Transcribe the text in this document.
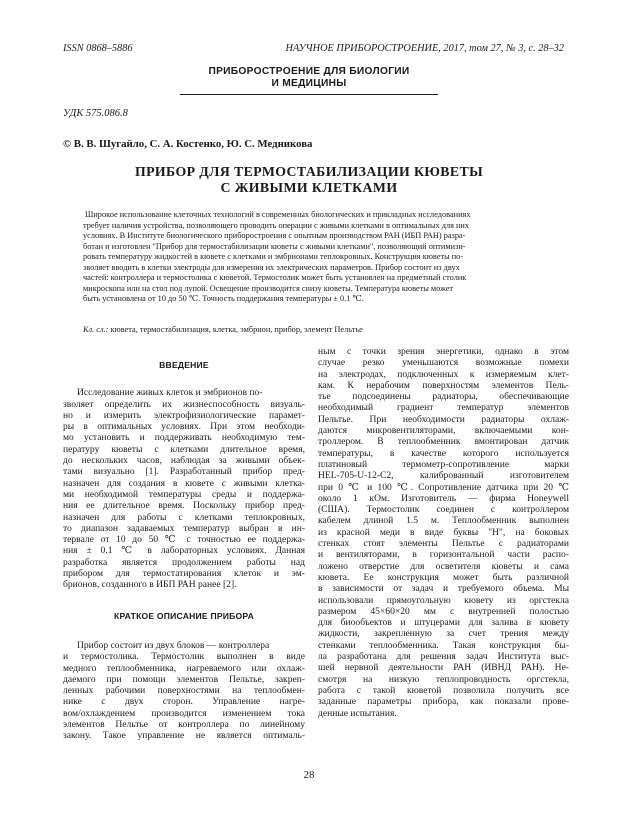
ISSN 0868–5886	НАУЧНОЕ ПРИБОРОСТРОЕНИЕ, 2017, том 27, № 3, c. 28–32
ПРИБОРОСТРОЕНИЕ ДЛЯ БИОЛОГИИ
И МЕДИЦИНЫ
УДК 575.086.8
© В. В. Шугайло, С. А. Костенко, Ю. С. Медникова
ПРИБОР ДЛЯ ТЕРМОСТАБИЛИЗАЦИИ КЮВЕТЫ
С ЖИВЫМИ КЛЕТКАМИ
Широкое использование клеточных технологий в современных биологических и прикладных исследованиях
требует наличия устройства, позволяющего проводить операции с живыми клетками в оптимальных для них
условиях. В Институте биологического приборостроения с опытным производством РАН (ИБП РАН) разра-
ботан и изготовлен "Прибор для термостабилизации кюветы с живыми клетками", позволяющий оптимизи-
ровать температуру жидкостей в кювете с клетками и эмбрионами теплокровных. Конструкция кюветы по-
зволяет вводить в клетки электроды для измерения их электрических параметров. Прибор состоит из двух
частей: контроллера и термостолика с кюветой. Термостолик может быть установлен на предметный столик
микроскопа или на стол под лупой. Освещение производится снизу кюветы. Температура кюветы может
быть установлена от 10 до 50 ℃. Точность поддержания температуры ± 0.1 ℃.
Кл. сл.: кювета, термостабилизация, клетка, эмбрион, прибор, элемент Пельтье
ВВЕДЕНИЕ
Исследование живых клеток и эмбрионов по-
зволяет определить их жизнеспособность визуаль-
но и измерить электрофизиологические парамет-
ры в оптимальных условиях. При этом необходи-
мо установить и поддерживать необходимую тем-
пературу кюветы с клетками длительное время,
до нескольких часов, наблюдая за живыми объек-
тами визуально [1]. Разработанный прибор пред-
назначен для создания в кювете с живыми клетка-
ми необходимой температуры среды и поддержа-
ния ее длительное время. Поскольку прибор пред-
назначен для работы с клетками теплокровных,
то диапазон задаваемых температур выбран в ин-
тервале от 10 до 50 ℃ с точностью ее поддержа-
ния ± 0.1 ℃ в лабораторных условиях. Данная
разработка является продолжением работы над
прибором для термостатирования клеток и эм-
брионов, созданного в ИБП РАН ранее [2].
КРАТКОЕ ОПИСАНИЕ ПРИБОРА
Прибор состоит из двух блоков — контроллера
и термостолика. Термостолик выполнен в виде
медного теплообменника, нагреваемого или охлаж-
даемого при помощи элементов Пельтье, закреп-
ленных рабочими поверхностями на теплообмен-
нике с двух сторон. Управление нагре-
вом/охлаждением производится изменением тока
элементов Пельтье от контроллера по линейному
закону. Такое управление не является оптималь-
ным с точки зрения энергетики, однако в этом
случае резко уменьшаются возможные помехи
на электродах, подключенных к измеряемым клет-
кам. К нерабочим поверхностям элементов Пель-
тье подсоединены радиаторы, обеспечивающие
необходимый градиент температур элементов
Пельтье. При необходимости радиаторы охлаж-
даются микровентиляторами, включаемыми кон-
троллером. В теплообменник вмонтирован датчик
температуры, в качестве которого используется
платиновый термометр-сопротивление марки
HEL-705-U-12-C2, калиброванный изготовителем
при 0 ℃ и 100 ℃. Сопротивление датчика при 20 ℃
около 1 кОм. Изготовитель — фирма Honeywell
(США). Термостолик соединен с контроллером
кабелем длиной 1.5 м. Теплообменник выполнен
из красной меди в виде буквы "Н", на боковых
стенках стоят элементы Пельтье с радиаторами
и вентиляторами, в горизонтальной части распо-
ложено отверстие для осветителя кюветы и сама
кювета. Ее конструкция может быть различной
в зависимости от задач и требуемого объема. Мы
использовали прямоугольную кювету из оргстекла
размером 45×60×20 мм с внутренней полостью
для биообъектов и штуцерами для залива в кювету
жидкости, закрепленную за счет трения между
стенками теплообменника. Такая конструкция бы-
ла разработана для решения задач Института выс-
шей нервной деятельности РАН (ИВНД РАН). Не-
смотря на низкую теплопроводность оргстекла,
работа с такой кюветой позволила получить все
заданные параметры прибора, как показали прове-
денные испытания.
28
